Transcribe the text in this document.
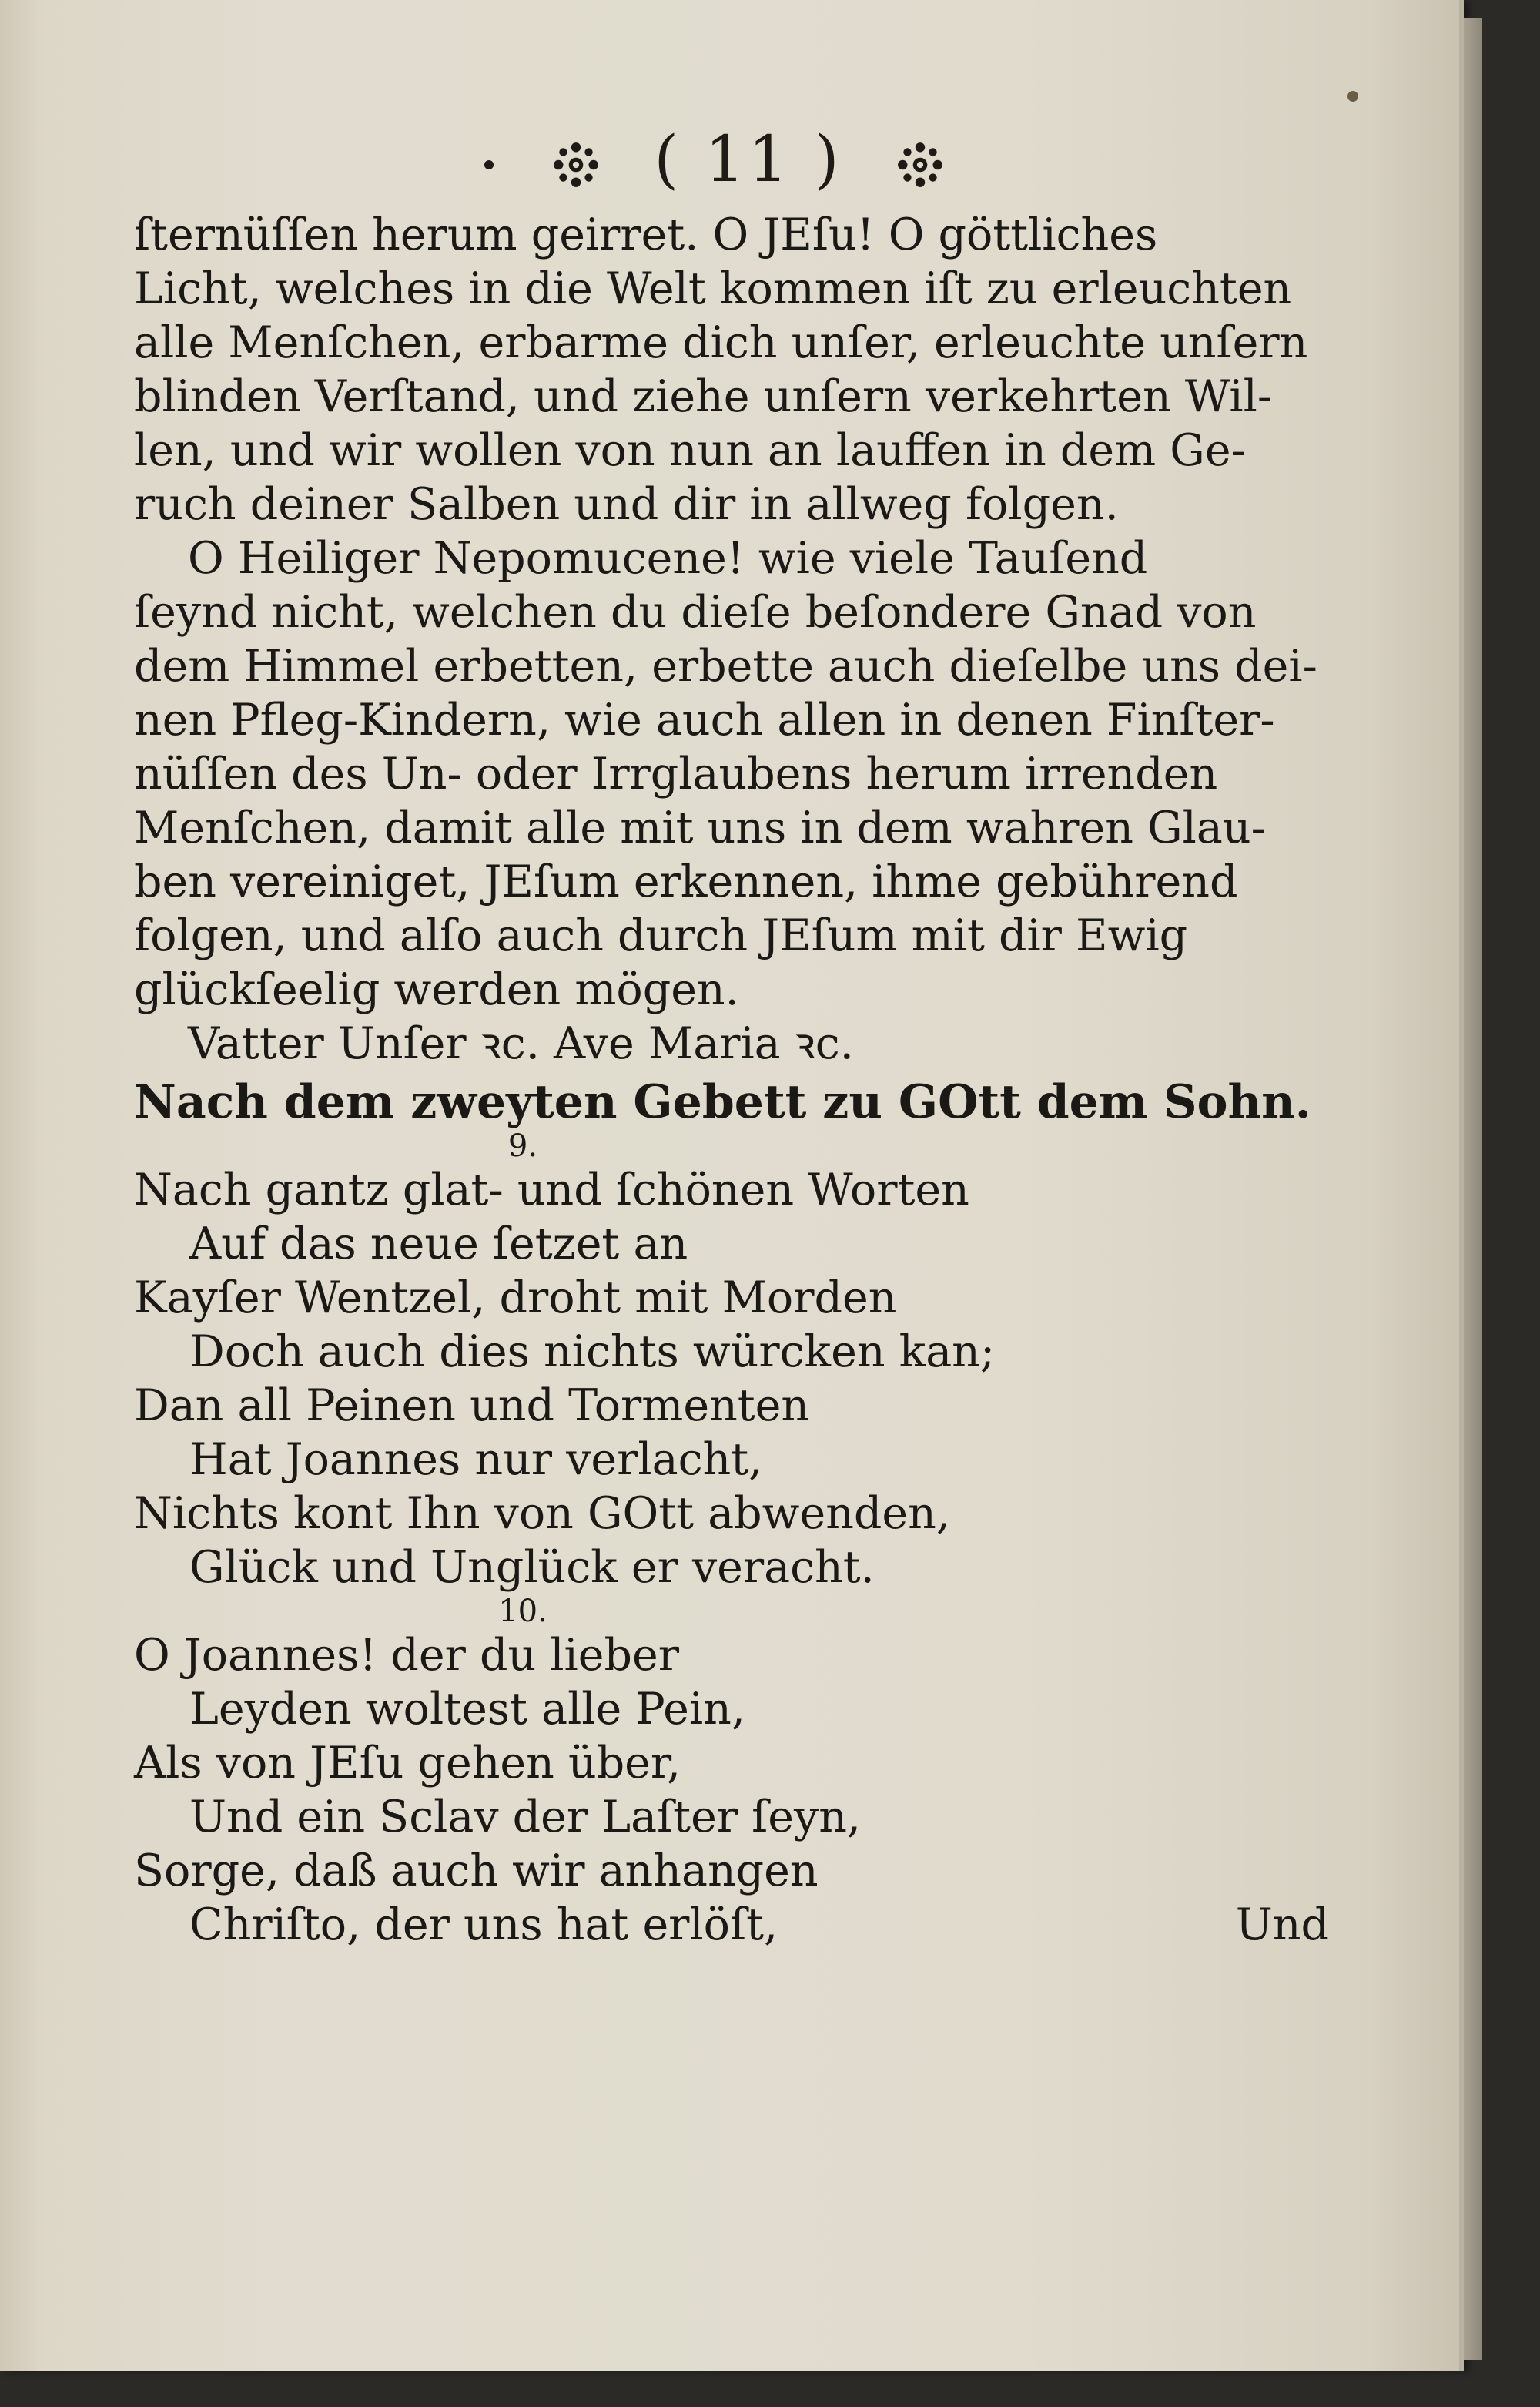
( 11 )
ſternüſſen herum geirret. O JEſu! O göttliches
Licht, welches in die Welt kommen iſt zu erleuchten
alle Menſchen, erbarme dich unſer, erleuchte unſern
blinden Verſtand, und ziehe unſern verkehrten Wil-
len, und wir wollen von nun an lauffen in dem Ge-
ruch deiner Salben und dir in allweg folgen.
O Heiliger Nepomucene! wie viele Tauſend
ſeynd nicht, welchen du dieſe beſondere Gnad von
dem Himmel erbetten, erbette auch dieſelbe uns dei-
nen Pfleg-Kindern, wie auch allen in denen Finſter-
nüſſen des Un- oder Irrglaubens herum irrenden
Menſchen, damit alle mit uns in dem wahren Glau-
ben vereiniget, JEſum erkennen, ihme gebührend
folgen, und alſo auch durch JEſum mit dir Ewig
glückſeelig werden mögen.
Vatter Unſer ꝛc. Ave Maria ꝛc.
Nach dem zweyten Gebett zu GOtt dem Sohn.
9.
Nach gantz glat- und ſchönen Worten
Auf das neue ſetzet an
Kayſer Wentzel, droht mit Morden
Doch auch dies nichts würcken kan;
Dan all Peinen und Tormenten
Hat Joannes nur verlacht,
Nichts kont Ihn von GOtt abwenden,
Glück und Unglück er veracht.
10.
O Joannes! der du lieber
Leyden woltest alle Pein,
Als von JEſu gehen über,
Und ein Sclav der Laſter ſeyn,
Sorge, daß auch wir anhangen
Chriſto, der uns hat erlöſt,	Und
